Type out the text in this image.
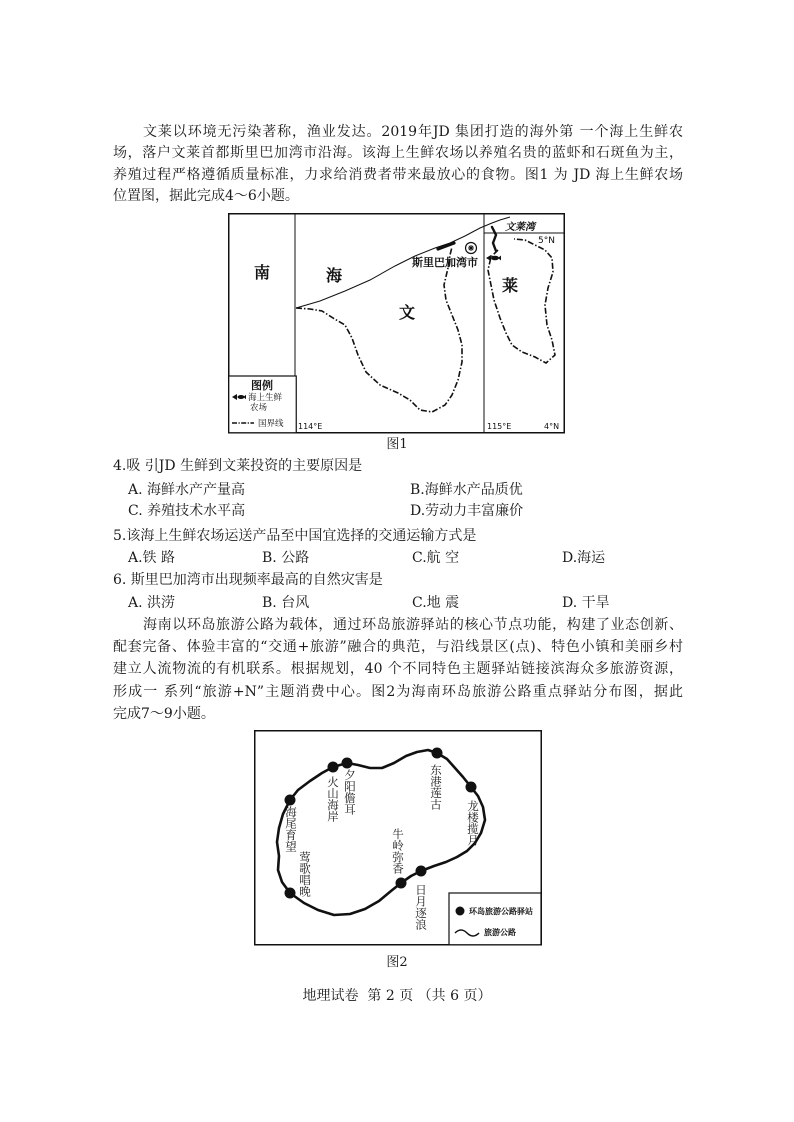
文莱以环境无污染著称，渔业发达。2019年JD 集团打造的海外第 一个海上生鲜农
场，落户文莱首都斯里巴加湾市沿海。该海上生鲜农场以养殖名贵的蓝虾和石斑鱼为主，
养殖过程严格遵循质量标准，力求给消费者带来最放心的食物。图1 为 JD 海上生鲜农场
位置图，据此完成4～6小题。
南	海
文
莱
斯里巴加湾市
文莱湾
5°N
114°E	115°E	4°N
图例
海上生鲜
农场
国界线
图1
4.吸 引JD 生鲜到文莱投资的主要原因是
A. 海鲜水产产量高	B.海鲜水产品质优
C. 养殖技术水平高	D.劳动力丰富廉价
5.该海上生鲜农场运送产品至中国宜选择的交通运输方式是
A.铁 路	B. 公路	C.航 空	D.海运
6. 斯里巴加湾市出现频率最高的自然灾害是
A. 洪涝	B. 台风	C.地 震	D. 干旱
海南以环岛旅游公路为载体，通过环岛旅游驿站的核心节点功能，构建了业态创新、
配套完备、体验丰富的“交通+旅游”融合的典范，与沿线景区(点)、特色小镇和美丽乡村
建立人流物流的有机联系。根据规划，40 个不同特色主题驿站链接滨海众多旅游资源，
形成一 系列“旅游+N”主题消费中心。图2为海南环岛旅游公路重点驿站分布图，据此
完成7～9小题。
环岛旅游公路驿站
旅游公路
夕阳儋耳
火山海岸
海尾育望
莺歌唱晚
东港莲古
龙楼揽月
牛岭弥香
日月逐浪
图2
地理试卷  第 2 页 （共 6 页）
